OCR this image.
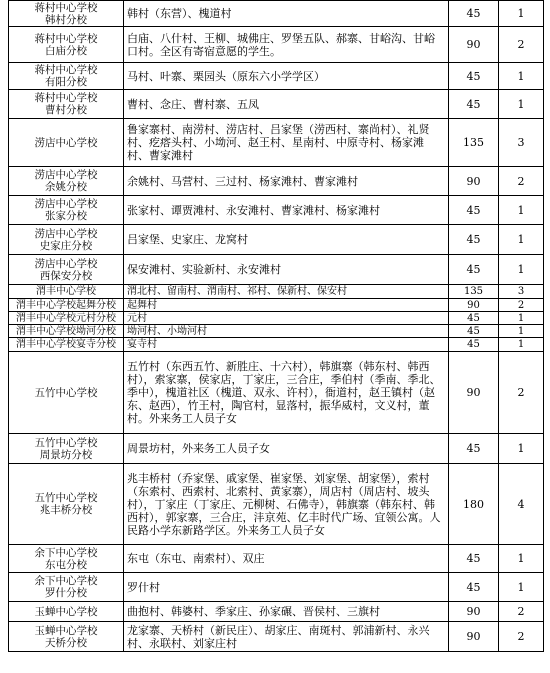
蒋村中心学校
韩村分校	韩村（东营）、槐道村	45	1
蒋村中心学校
白庙分校	白庙、八什村、王柳、城佛庄、罗堡五队、郝寨、甘峪沟、甘峪口村。全区有寄宿意愿的学生。	90	2
蒋村中心学校
有阳分校	马村、叶寨、栗园头（原东六小学学区）	45	1
蒋村中心学校
曹村分校	曹村、念庄、曹村寨、五凤	45	1
涝店中心学校	鲁家寨村、南涝村、涝店村、吕家堡（涝西村、寨尚村）、礼贤村、疙瘩头村、小坳河、赵王村、星南村、中原寺村、杨家滩村、曹家滩村	135	3
涝店中心学校
余姚分校	余姚村、马营村、三过村、杨家滩村、曹家滩村	90	2
涝店中心学校
张家分校	张家村、谭贾滩村、永安滩村、曹家滩村、杨家滩村	45	1
涝店中心学校
史家庄分校	吕家堡、史家庄、龙窝村	45	1
涝店中心学校
西保安分校	保安滩村、实验新村、永安滩村	45	1
渭丰中心学校	渭北村、留南村、渭南村、祁村、保新村、保安村	135	3
渭丰中心学校起舞分校	起舞村	90	2
渭丰中心学校元村分校	元村	45	1
渭丰中心学校坳河分校	坳河村、小坳河村	45	1
渭丰中心学校宴寺分校	宴寺村	45	1
五竹中心学校	五竹村（东西五竹、新胜庄、十六村），韩旗寨（韩东村、韩西村），索家寨，侯家店，丁家庄，三合庄，季伯村（季南、季北、季中），槐道社区（槐道、双永、许村），衙道村，赵王镇村（赵东、赵西），竹王村，陶官村，显落村，振华威村，文义村，董村。外来务工人员子女	90	2
五竹中心学校
周景坊分校	周景坊村，外来务工人员子女	45	1
五竹中心学校
兆丰桥分校	兆丰桥村（乔家堡、戚家堡、崔家堡、刘家堡、胡家堡），索村（东索村、西索村、北索村、黄家寨），周店村（周店村、坡头村），丁家庄（丁家庄、元柳树、石佛寺），韩旗寨（韩东村、韩西村），郭家寨，三合庄，沣京苑、亿丰时代广场、宜领公寓。人民路小学东新路学区。外来务工人员子女	180	4
余下中心学校
东屯分校	东屯（东屯、南索村）、双庄	45	1
余下中心学校
罗什分校	罗什村	45	1
玉蝉中心学校	曲抱村、韩婆村、季家庄、孙家碾、晋侯村、三旗村	90	2
玉蝉中心学校
天桥分校	龙家寨、天桥村（新民庄）、胡家庄、南斑村、郭浦新村、永兴村、永联村、刘家庄村	90	2
